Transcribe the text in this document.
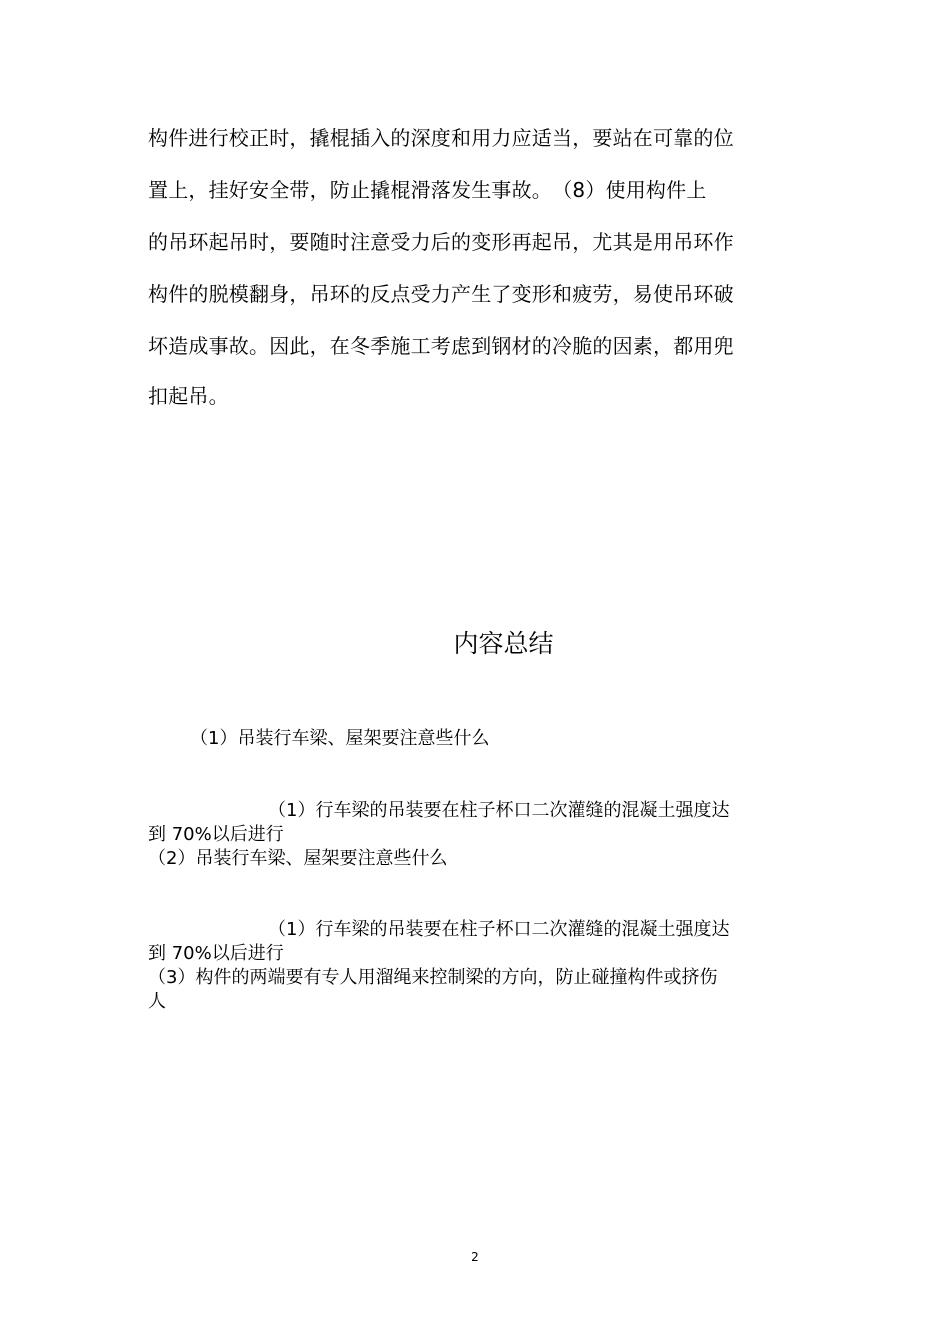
构件进行校正时，撬棍插入的深度和用力应适当，要站在可靠的位
置上，挂好安全带，防止撬棍滑落发生事故。　（8）使用构件上
的吊环起吊时，要随时注意受力后的变形再起吊，尤其是用吊环作
构件的脱模翻身，吊环的反点受力产生了变形和疲劳，易使吊环破
坏造成事故。因此，在冬季施工考虑到钢材的冷脆的因素，都用兜
扣起吊。
内容总结
（1）吊装行车梁、屋架要注意些什么
（1）行车梁的吊装要在柱子杯口二次灌缝的混凝土强度达
到 70%以后进行
（2）吊装行车梁、屋架要注意些什么
（1）行车梁的吊装要在柱子杯口二次灌缝的混凝土强度达
到 70%以后进行
（3）构件的两端要有专人用溜绳来控制梁的方向，防止碰撞构件或挤伤
人
2
